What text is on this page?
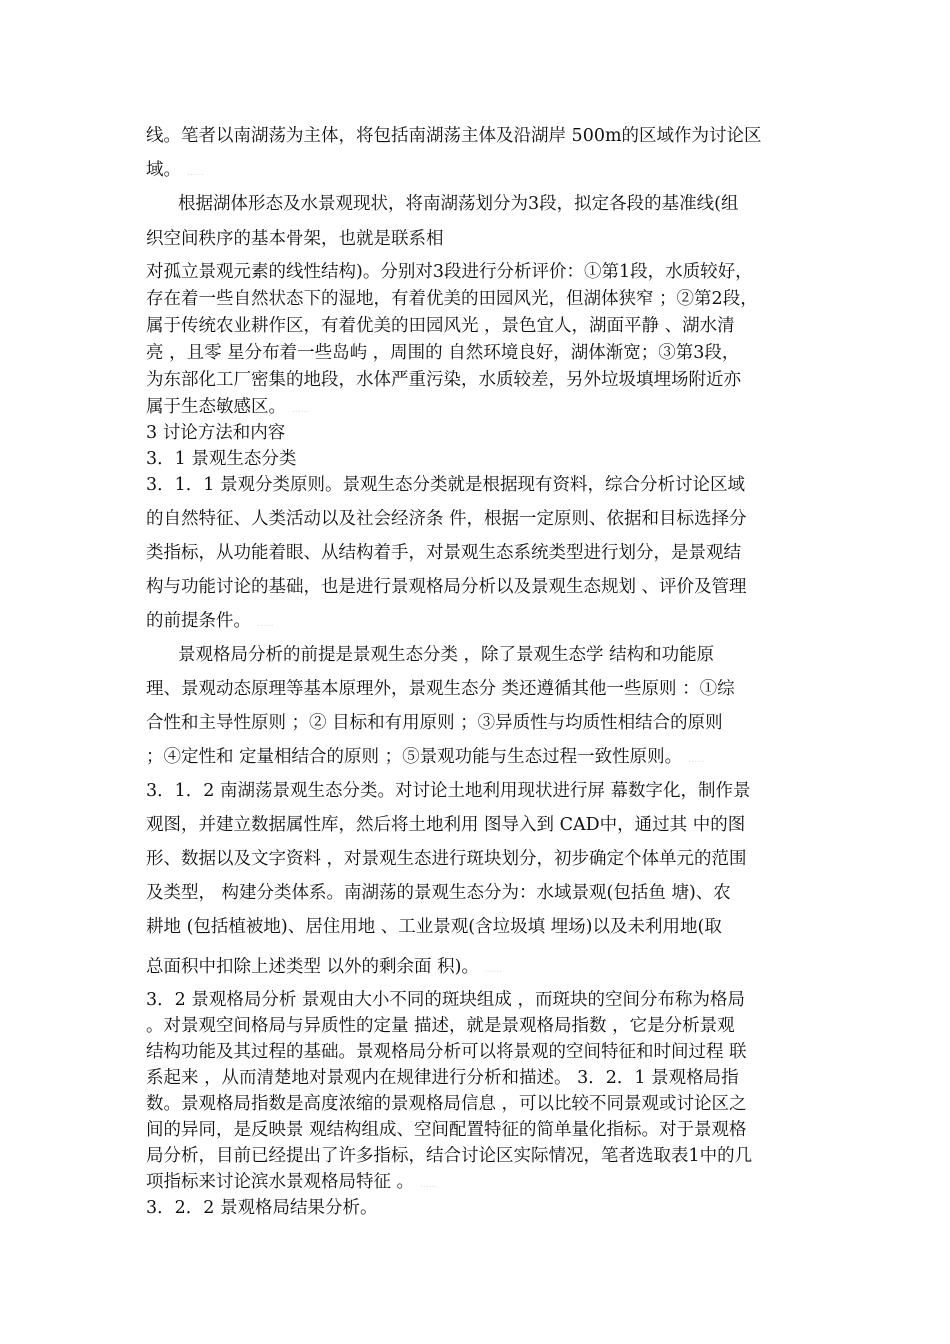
线。笔者以南湖荡为主体，将包括南湖荡主体及沿湖岸 500m的区域作为讨论区
域。 ......
根据湖体形态及水景观现状，将南湖荡划分为3段，拟定各段的基准线(组
织空间秩序的基本骨架，也就是联系相
对孤立景观元素的线性结构)。分别对3段进行分析评价：①第1段，水质较好，
存在着一些自然状态下的湿地，有着优美的田园风光，但湖体狭窄 ；②第2段，
属于传统农业耕作区，有着优美的田园风光 ，景色宜人，湖面平静 、湖水清
亮 ，且零 星分布着一些岛屿 ，周围的 自然环境良好，湖体渐宽；③第3段，
为东部化工厂密集的地段，水体严重污染，水质较差，另外垃圾填埋场附近亦
属于生态敏感区。 ......
3 讨论方法和内容
3．1 景观生态分类
3．1．1 景观分类原则。景观生态分类就是根据现有资料，综合分析讨论区域
的自然特征、人类活动以及社会经济条 件，根据一定原则、依据和目标选择分
类指标，从功能着眼、从结构着手，对景观生态系统类型进行划分，是景观结
构与功能讨论的基础，也是进行景观格局分析以及景观生态规划 、评价及管理
的前提条件。 ......
景观格局分析的前提是景观生态分类 ，除了景观生态学 结构和功能原
理、景观动态原理等基本原理外，景观生态分 类还遵循其他一些原则 ：①综
合性和主导性原则 ；② 目标和有用原则 ；③异质性与均质性相结合的原则
；④定性和 定量相结合的原则 ；⑤景观功能与生态过程一致性原则。 ......
3．1．2 南湖荡景观生态分类。对讨论土地利用现状进行屏 幕数字化，制作景
观图，并建立数据属性库，然后将土地利用 图导入到 CAD中，通过其 中的图
形、数据以及文字资料 ，对景观生态进行斑块划分，初步确定个体单元的范围
及类型， 构建分类体系。南湖荡的景观生态分为：水域景观(包括鱼 塘)、农
耕地 (包括植被地)、居住用地 、工业景观(含垃圾填 埋场)以及未利用地(取
总面积中扣除上述类型 以外的剩余面 积)。 ......
3．2 景观格局分析 景观由大小不同的斑块组成 ，而斑块的空间分布称为格局
。对景观空间格局与异质性的定量 描述，就是景观格局指数 ，它是分析景观
结构功能及其过程的基础。景观格局分析可以将景观的空间特征和时间过程 联
系起来 ，从而清楚地对景观内在规律进行分析和描述。 3．2．1 景观格局指
数。景观格局指数是高度浓缩的景观格局信息 ，可以比较不同景观或讨论区之
间的异同，是反映景 观结构组成、空间配置特征的简单量化指标。对于景观格
局分析，目前已经提出了许多指标，结合讨论区实际情况，笔者选取表1中的几
项指标来讨论滨水景观格局特征 。 ......
3．2．2 景观格局结果分析。
